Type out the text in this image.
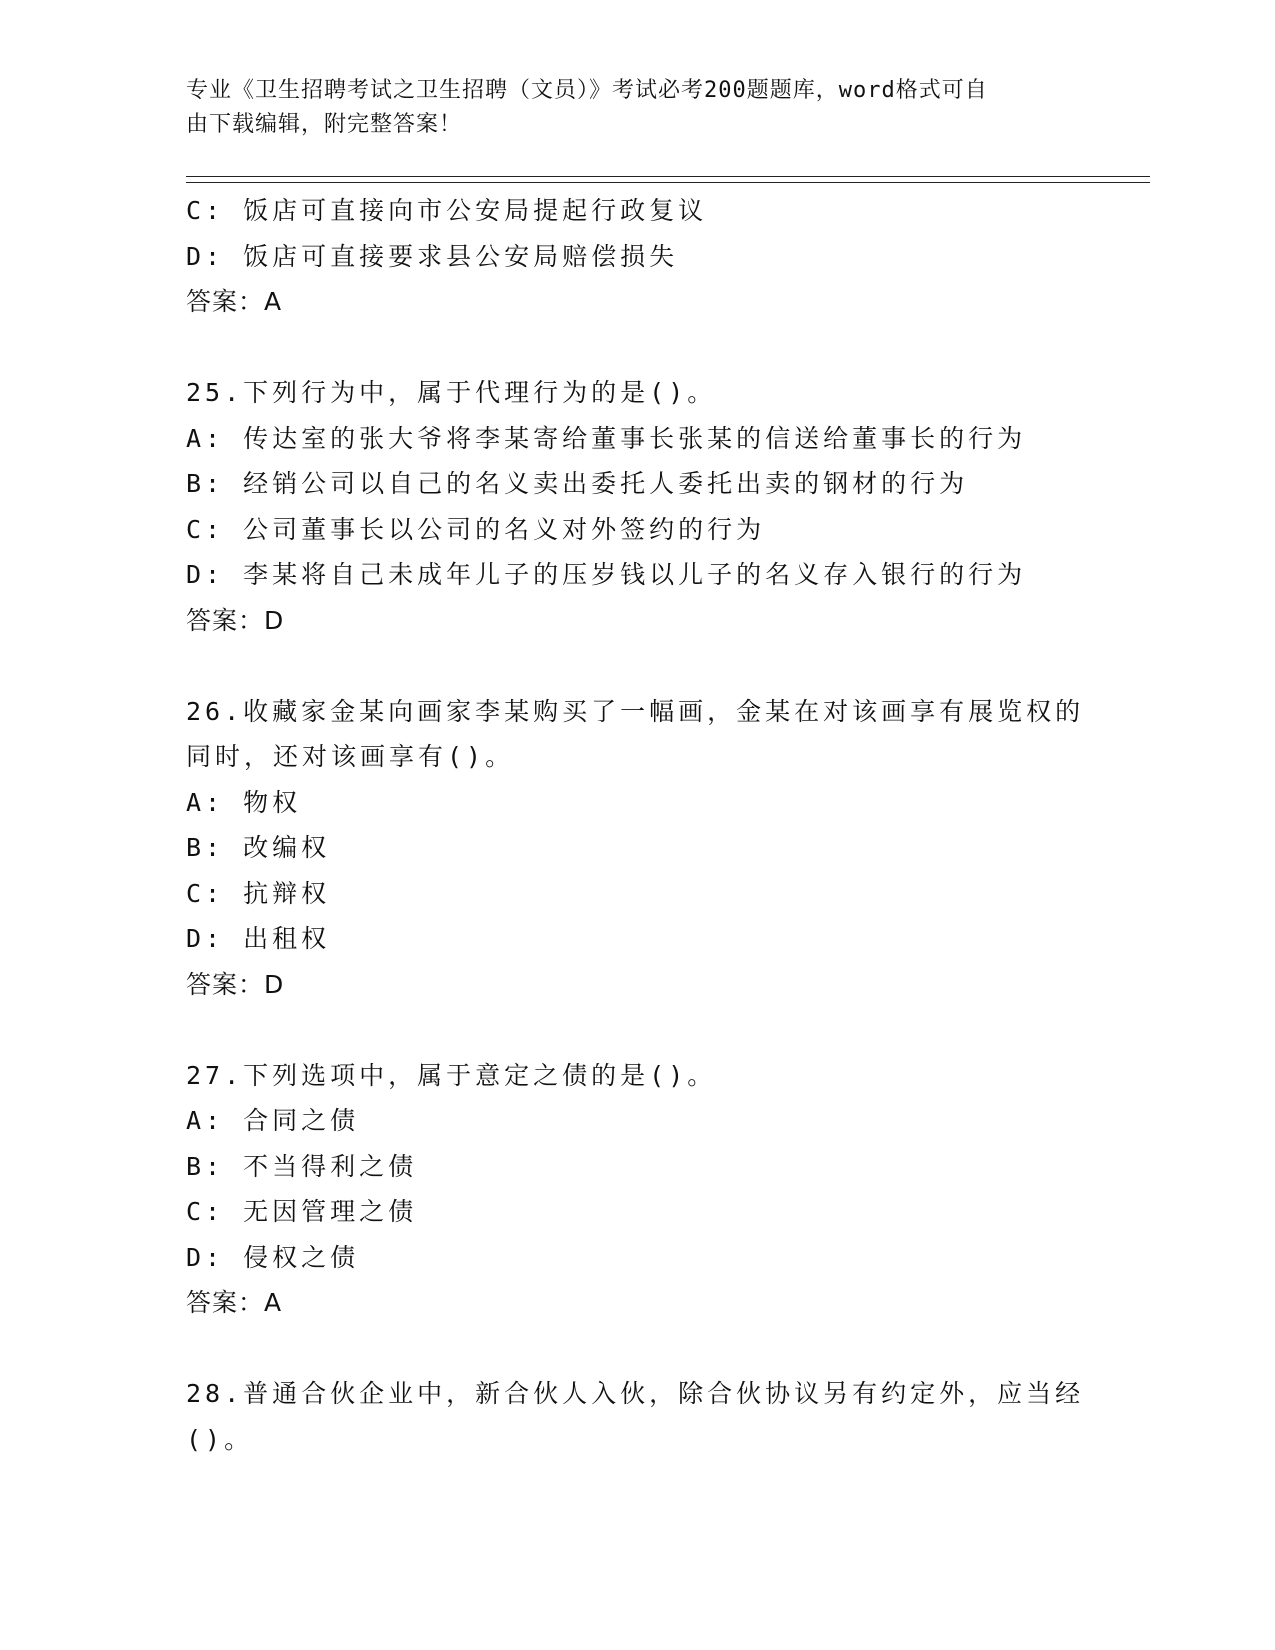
专业《卫生招聘考试之卫生招聘（文员）》考试必考200题题库，word格式可自
由下载编辑，附完整答案！
C: 饭店可直接向市公安局提起行政复议
D: 饭店可直接要求县公安局赔偿损失
答案：A
25.下列行为中，属于代理行为的是()。
A: 传达室的张大爷将李某寄给董事长张某的信送给董事长的行为
B: 经销公司以自己的名义卖出委托人委托出卖的钢材的行为
C: 公司董事长以公司的名义对外签约的行为
D: 李某将自己未成年儿子的压岁钱以儿子的名义存入银行的行为
答案：D
26.收藏家金某向画家李某购买了一幅画，金某在对该画享有展览权的
同时，还对该画享有()。
A: 物权
B: 改编权
C: 抗辩权
D: 出租权
答案：D
27.下列选项中，属于意定之债的是()。
A: 合同之债
B: 不当得利之债
C: 无因管理之债
D: 侵权之债
答案：A
28.普通合伙企业中，新合伙人入伙，除合伙协议另有约定外，应当经
()。
